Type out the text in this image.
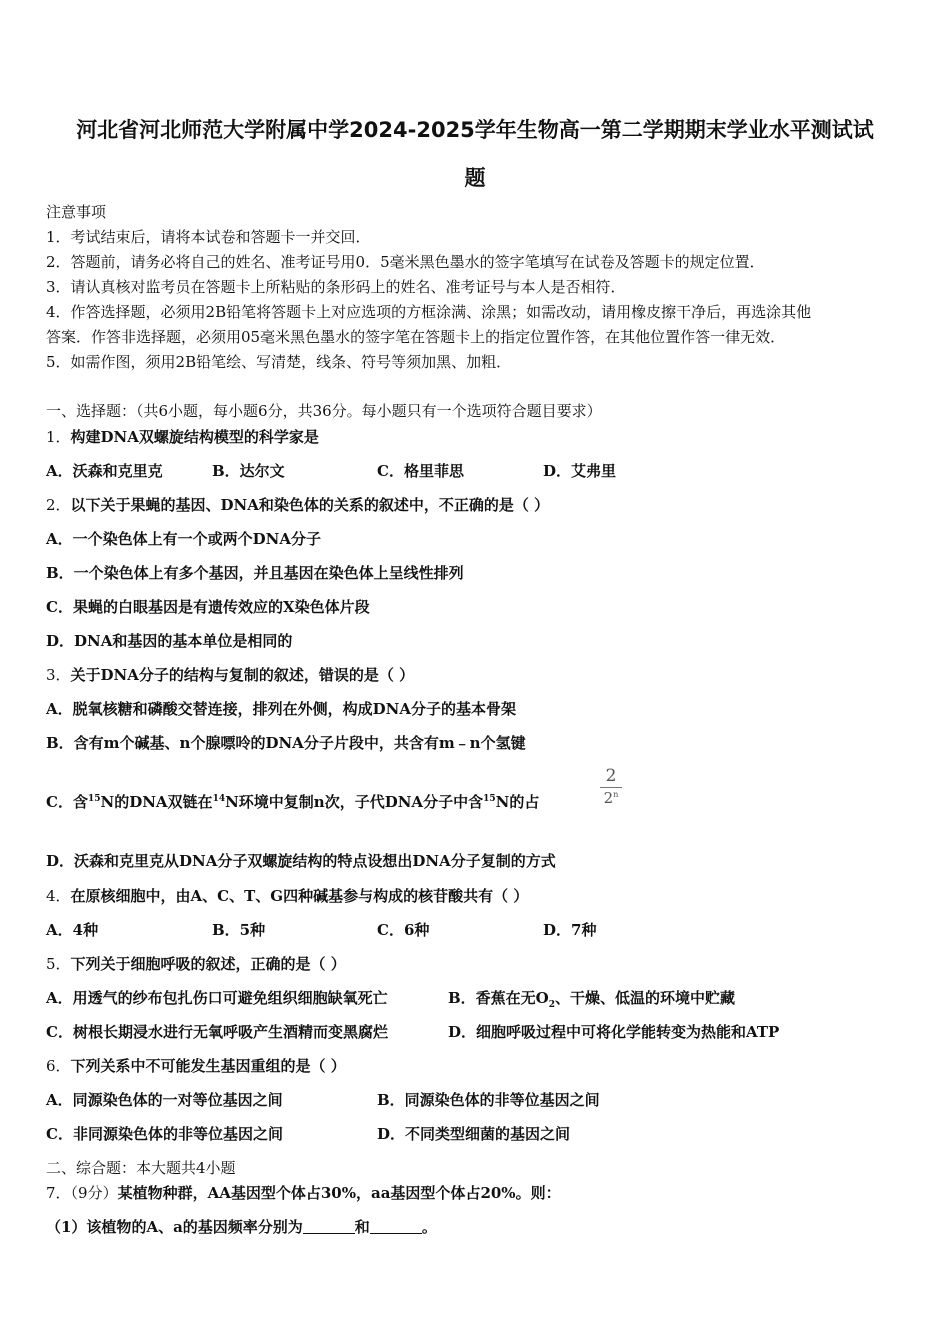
河北省河北师范大学附属中学2024-2025学年生物高一第二学期期末学业水平测试试
题
注意事项
1．考试结束后，请将本试卷和答题卡一并交回．
2．答题前，请务必将自己的姓名、准考证号用0．5毫米黑色墨水的签字笔填写在试卷及答题卡的规定位置．
3．请认真核对监考员在答题卡上所粘贴的条形码上的姓名、准考证号与本人是否相符．
4．作答选择题，必须用2B铅笔将答题卡上对应选项的方框涂满、涂黑；如需改动，请用橡皮擦干净后，再选涂其他
答案．作答非选择题，必须用05毫米黑色墨水的签字笔在答题卡上的指定位置作答，在其他位置作答一律无效．
5．如需作图，须用2B铅笔绘、写清楚，线条、符号等须加黑、加粗．
一、选择题：（共6小题，每小题6分，共36分。每小题只有一个选项符合题目要求）
1．构建DNA双螺旋结构模型的科学家是
A．沃森和克里克	B．达尔文	C．格里菲思	D．艾弗里
2．以下关于果蝇的基因、DNA和染色体的关系的叙述中，不正确的是（ ）
A．一个染色体上有一个或两个DNA分子
B．一个染色体上有多个基因，并且基因在染色体上呈线性排列
C．果蝇的白眼基因是有遗传效应的X染色体片段
D．DNA和基因的基本单位是相同的
3．关于DNA分子的结构与复制的叙述，错误的是（ ）
A．脱氧核糖和磷酸交替连接，排列在外侧，构成DNA分子的基本骨架
B．含有m个碱基、n个腺嘌呤的DNA分子片段中，共含有m﹣n个氢键
C．含$^{15}$N的DNA双链在$^{14}$N环境中复制n次，子代DNA分子中含$^{15}$N的占
2
2$^n$
D．沃森和克里克从DNA分子双螺旋结构的特点设想出DNA分子复制的方式
4．在原核细胞中，由A、C、T、G四种碱基参与构成的核苷酸共有（ ）
A．4种	B．5种	C．6种	D．7种
5．下列关于细胞呼吸的叙述，正确的是（ ）
A．用透气的纱布包扎伤口可避免组织细胞缺氧死亡	B．香蕉在无$O_2$、干燥、低温的环境中贮藏
C．树根长期浸水进行无氧呼吸产生酒精而变黑腐烂	D．细胞呼吸过程中可将化学能转变为热能和ATP
6．下列关系中不可能发生基因重组的是（ ）
A．同源染色体的一对等位基因之间	B．同源染色体的非等位基因之间
C．非同源染色体的非等位基因之间	D．不同类型细菌的基因之间
二、综合题：本大题共4小题
7．（9分）某植物种群，AA基因型个体占30%，aa基因型个体占20%。则：
（1）该植物的A、a的基因频率分别为	和	。
